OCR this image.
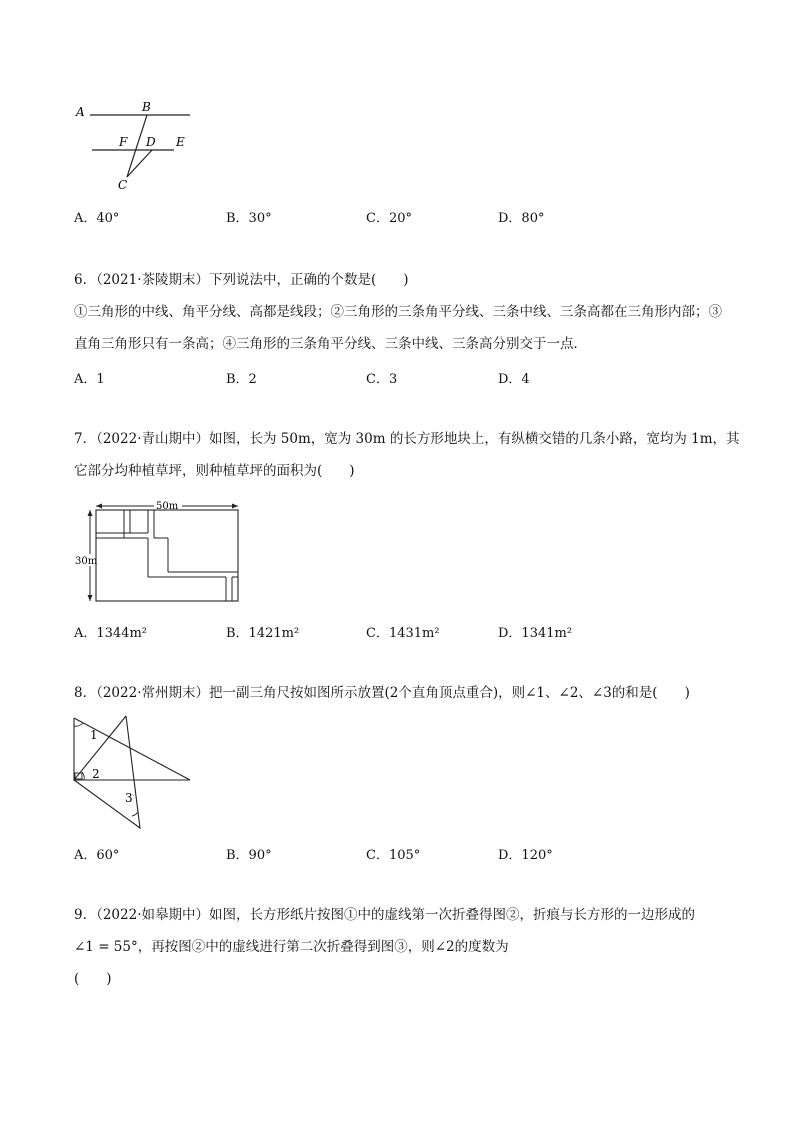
A	B
F D E
C
A．40°	B．30°	C．20°	D．80°
6．（2021·茶陵期末）下列说法中，正确的个数是(　　)
①三角形的中线、角平分线、高都是线段；②三角形的三条角平分线、三条中线、三条高都在三角形内部；③
直角三角形只有一条高；④三角形的三条角平分线、三条中线、三条高分别交于一点．
A．1	B．2	C．3	D．4
7．（2022·青山期中）如图，长为 50m，宽为 30m 的长方形地块上，有纵横交错的几条小路，宽均为 1m，其
它部分均种植草坪，则种植草坪的面积为(　　)
50m
30m
A．1344m²	B．1421m²	C．1431m²	D．1341m²
8．（2022·常州期末）把一副三角尺按如图所示放置(2个直角顶点重合)，则∠1、∠2、∠3的和是(　　)
1
2
3
A．60°	B．90°	C．105°	D．120°
9．（2022·如皋期中）如图，长方形纸片按图①中的虚线第一次折叠得图②，折痕与长方形的一边形成的
∠1 = 55°，再按图②中的虚线进行第二次折叠得到图③，则∠2的度数为
(　　)
